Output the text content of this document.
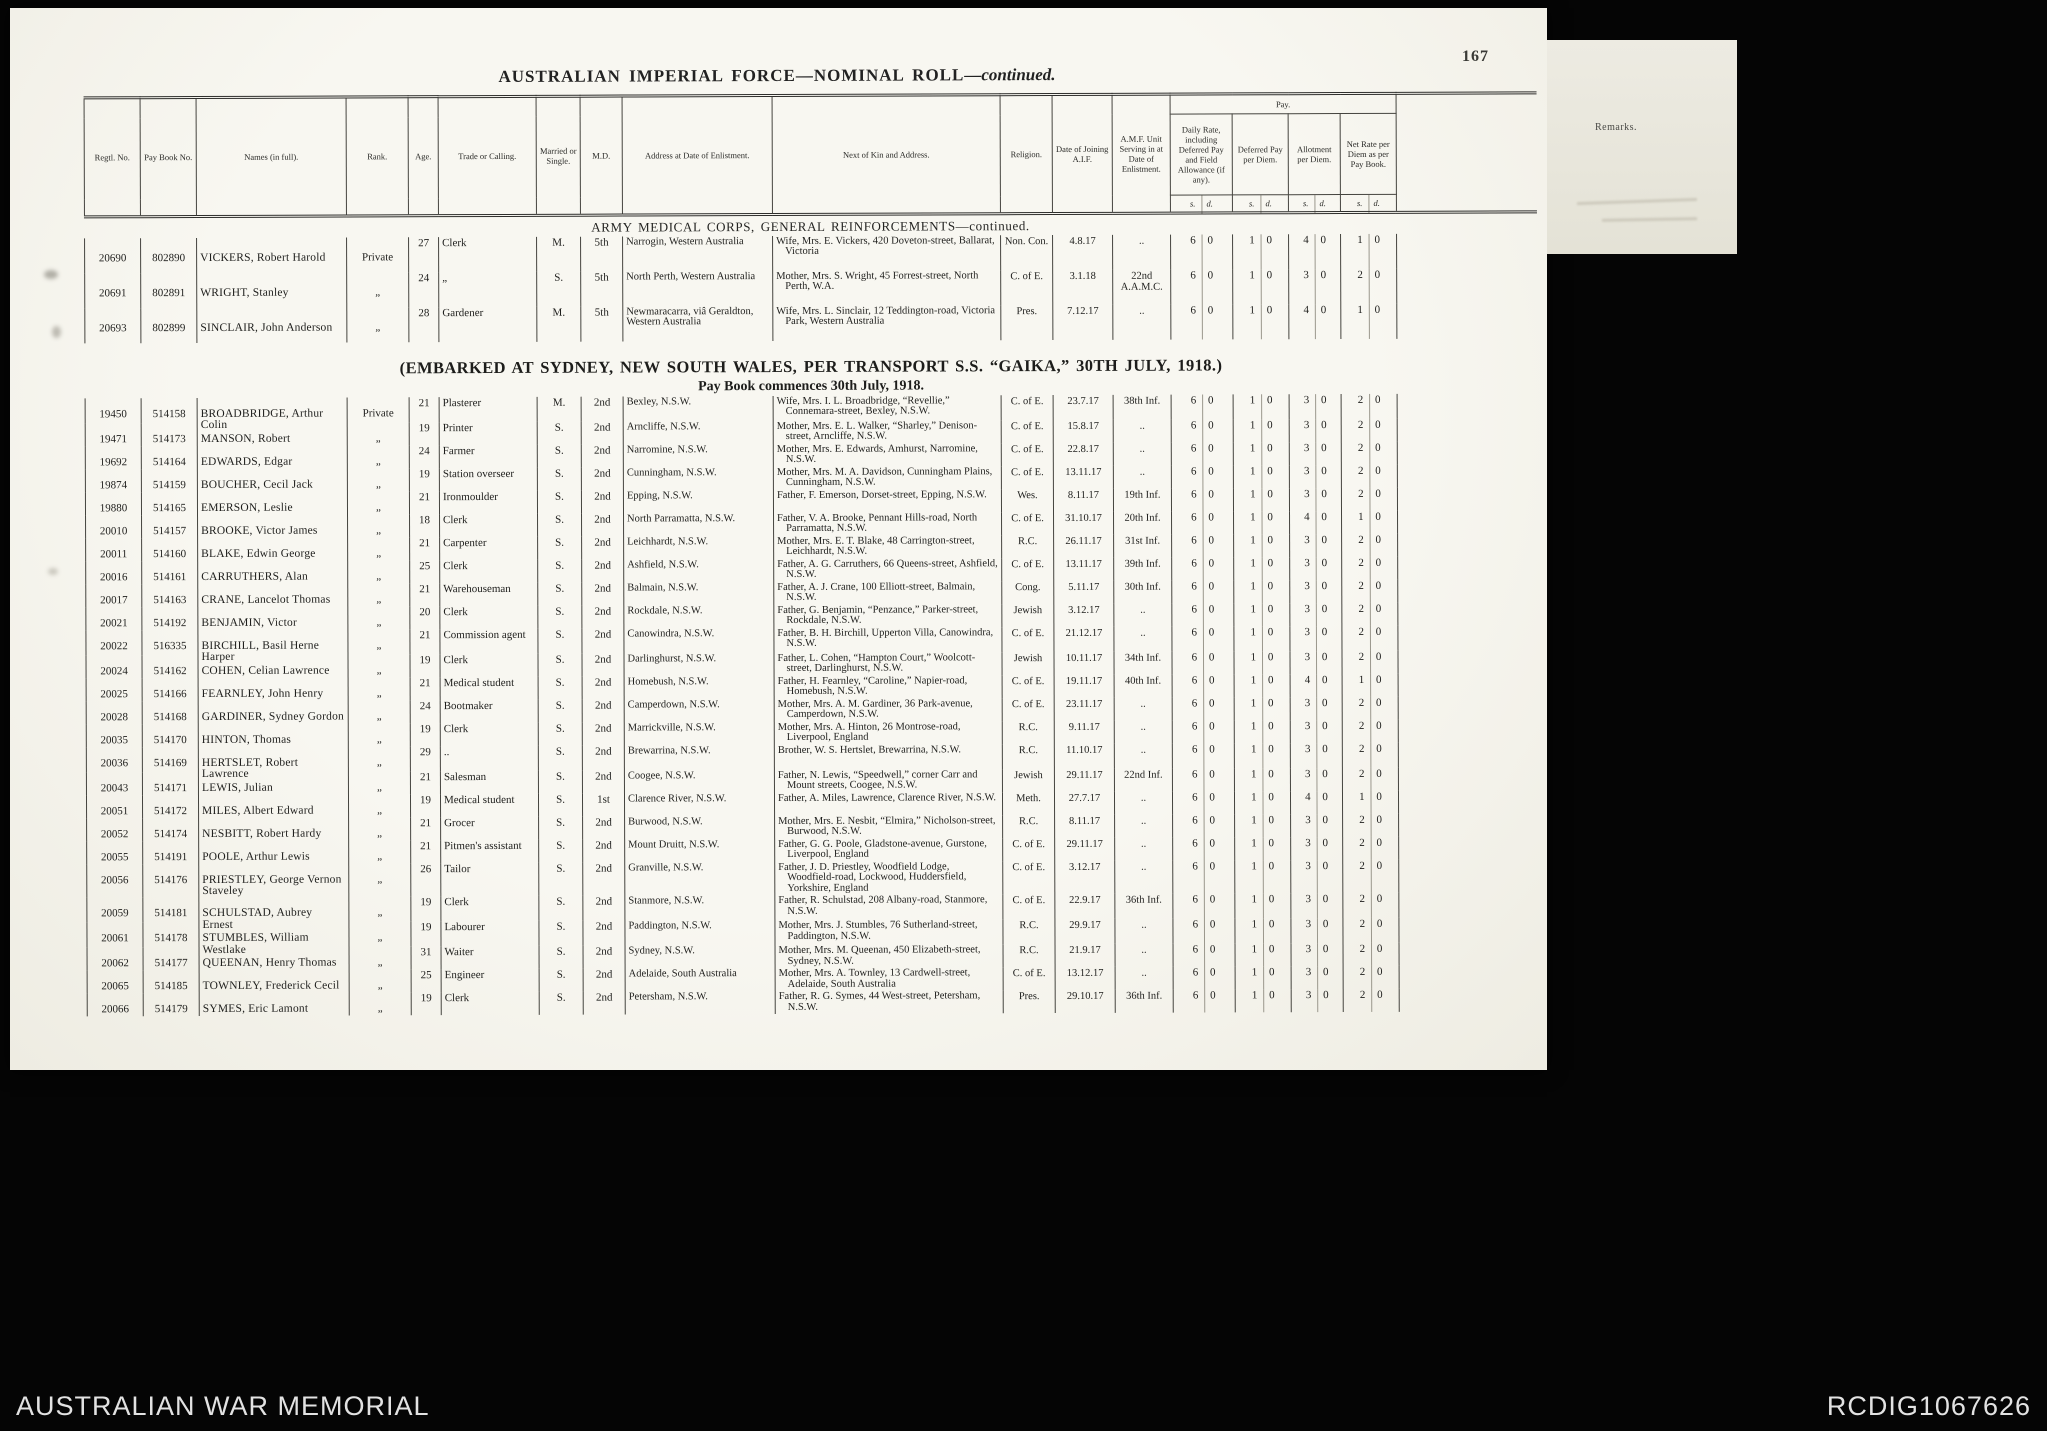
167
AUSTRALIAN IMPERIAL FORCE—NOMINAL ROLL—continued.
Regtl. No.	Pay Book No.	Names (in full).	Rank.	Age.	Trade or Calling.	Married or Single.	M.D.	Address at Date of Enlistment.	Next of Kin and Address.	Religion.	Date of Joining A.I.F.	A.M.F. Unit Serving in at Date of Enlistment.	Pay.				
													Daily Rate, including Deferred Pay and Field Allowance (if any).	Deferred Pay per Diem.	Allotment per Diem.	Net Rate per Diem as per Pay Book.	
													s. d.	s. d.	s. d.	s. d.	

ARMY MEDICAL CORPS, GENERAL REINFORCEMENTS—continued.																	

20690	802890	VICKERS, Robert Harold	Private	27	Clerk	M.	5th	Narrogin, Western Australia	Wife, Mrs. E. Vickers, 420 Doveton-street, Ballarat, Victoria	Non. Con.	4.8.17	..	6 0	1 0	4 0	1 0	
20691	802891	WRIGHT, Stanley	„	24	„	S.	5th	North Perth, Western Australia	Mother, Mrs. S. Wright, 45 Forrest-street, North Perth, W.A.	C. of E.	3.1.18	22nd A.A.M.C.	6 0	1 0	3 0	2 0	
20693	802899	SINCLAIR, John Anderson	„	28	Gardener	M.	5th	Newmaracarra, viâ Geraldton, Western Australia	Wife, Mrs. L. Sinclair, 12 Teddington-road, Victoria Park, Western Australia	Pres.	7.12.17	..	6 0	1 0	4 0	1 0	

(EMBARKED AT SYDNEY, NEW SOUTH WALES, PER TRANSPORT S.S. “GAIKA,” 30TH JULY, 1918.)
Pay Book commences 30th July, 1918.																	

19450	514158	BROADBRIDGE, Arthur Colin	Private	21	Plasterer	M.	2nd	Bexley, N.S.W.	Wife, Mrs. I. L. Broadbridge, “Revellie,” Connemara-street, Bexley, N.S.W.	C. of E.	23.7.17	38th Inf.	6 0	1 0	3 0	2 0	
19471	514173	MANSON, Robert	„	19	Printer	S.	2nd	Arncliffe, N.S.W.	Mother, Mrs. E. L. Walker, “Sharley,” Denison-street, Arncliffe, N.S.W.	C. of E.	15.8.17	..	6 0	1 0	3 0	2 0	
19692	514164	EDWARDS, Edgar	„	24	Farmer	S.	2nd	Narromine, N.S.W.	Mother, Mrs. E. Edwards, Amhurst, Narromine, N.S.W.	C. of E.	22.8.17	..	6 0	1 0	3 0	2 0	
19874	514159	BOUCHER, Cecil Jack	„	19	Station overseer	S.	2nd	Cunningham, N.S.W.	Mother, Mrs. M. A. Davidson, Cunningham Plains, Cunningham, N.S.W.	C. of E.	13.11.17	..	6 0	1 0	3 0	2 0	
19880	514165	EMERSON, Leslie	„	21	Ironmoulder	S.	2nd	Epping, N.S.W.	Father, F. Emerson, Dorset-street, Epping, N.S.W.	Wes.	8.11.17	19th Inf.	6 0	1 0	3 0	2 0	
20010	514157	BROOKE, Victor James	„	18	Clerk	S.	2nd	North Parramatta, N.S.W.	Father, V. A. Brooke, Pennant Hills-road, North Parramatta, N.S.W.	C. of E.	31.10.17	20th Inf.	6 0	1 0	4 0	1 0	
20011	514160	BLAKE, Edwin George	„	21	Carpenter	S.	2nd	Leichhardt, N.S.W.	Mother, Mrs. E. T. Blake, 48 Carrington-street, Leichhardt, N.S.W.	R.C.	26.11.17	31st Inf.	6 0	1 0	3 0	2 0	
20016	514161	CARRUTHERS, Alan	„	25	Clerk	S.	2nd	Ashfield, N.S.W.	Father, A. G. Carruthers, 66 Queens-street, Ashfield, N.S.W.	C. of E.	13.11.17	39th Inf.	6 0	1 0	3 0	2 0	
20017	514163	CRANE, Lancelot Thomas	„	21	Warehouseman	S.	2nd	Balmain, N.S.W.	Father, A. J. Crane, 100 Elliott-street, Balmain, N.S.W.	Cong.	5.11.17	30th Inf.	6 0	1 0	3 0	2 0	
20021	514192	BENJAMIN, Victor	„	20	Clerk	S.	2nd	Rockdale, N.S.W.	Father, G. Benjamin, “Penzance,” Parker-street, Rockdale, N.S.W.	Jewish	3.12.17	..	6 0	1 0	3 0	2 0	
20022	516335	BIRCHILL, Basil Herne Harper	„	21	Commission agent	S.	2nd	Canowindra, N.S.W.	Father, B. H. Birchill, Upperton Villa, Canowindra, N.S.W.	C. of E.	21.12.17	..	6 0	1 0	3 0	2 0	
20024	514162	COHEN, Celian Lawrence	„	19	Clerk	S.	2nd	Darlinghurst, N.S.W.	Father, L. Cohen, “Hampton Court,” Woolcott-street, Darlinghurst, N.S.W.	Jewish	10.11.17	34th Inf.	6 0	1 0	3 0	2 0	
20025	514166	FEARNLEY, John Henry	„	21	Medical student	S.	2nd	Homebush, N.S.W.	Father, H. Fearnley, “Caroline,” Napier-road, Homebush, N.S.W.	C. of E.	19.11.17	40th Inf.	6 0	1 0	4 0	1 0	
20028	514168	GARDINER, Sydney Gordon	„	24	Bootmaker	S.	2nd	Camperdown, N.S.W.	Mother, Mrs. A. M. Gardiner, 36 Park-avenue, Camperdown, N.S.W.	C. of E.	23.11.17	..	6 0	1 0	3 0	2 0	
20035	514170	HINTON, Thomas	„	19	Clerk	S.	2nd	Marrickville, N.S.W.	Mother, Mrs. A. Hinton, 26 Montrose-road, Liverpool, England	R.C.	9.11.17	..	6 0	1 0	3 0	2 0	
20036	514169	HERTSLET, Robert Lawrence	„	29	..	S.	2nd	Brewarrina, N.S.W.	Brother, W. S. Hertslet, Brewarrina, N.S.W.	R.C.	11.10.17	..	6 0	1 0	3 0	2 0	
20043	514171	LEWIS, Julian	„	21	Salesman	S.	2nd	Coogee, N.S.W.	Father, N. Lewis, “Speedwell,” corner Carr and Mount streets, Coogee, N.S.W.	Jewish	29.11.17	22nd Inf.	6 0	1 0	3 0	2 0	
20051	514172	MILES, Albert Edward	„	19	Medical student	S.	1st	Clarence River, N.S.W.	Father, A. Miles, Lawrence, Clarence River, N.S.W.	Meth.	27.7.17	..	6 0	1 0	4 0	1 0	
20052	514174	NESBITT, Robert Hardy	„	21	Grocer	S.	2nd	Burwood, N.S.W.	Mother, Mrs. E. Nesbit, “Elmira,” Nicholson-street, Burwood, N.S.W.	R.C.	8.11.17	..	6 0	1 0	3 0	2 0	
20055	514191	POOLE, Arthur Lewis	„	21	Pitmen's assistant	S.	2nd	Mount Druitt, N.S.W.	Father, G. G. Poole, Gladstone-avenue, Gurstone, Liverpool, England	C. of E.	29.11.17	..	6 0	1 0	3 0	2 0	
20056	514176	PRIESTLEY, George Vernon Staveley	„	26	Tailor	S.	2nd	Granville, N.S.W.	Father, J. D. Priestley, Woodfield Lodge, Woodfield-road, Lockwood, Huddersfield, Yorkshire, England	C. of E.	3.12.17	..	6 0	1 0	3 0	2 0	
20059	514181	SCHULSTAD, Aubrey Ernest	„	19	Clerk	S.	2nd	Stanmore, N.S.W.	Father, R. Schulstad, 208 Albany-road, Stanmore, N.S.W.	C. of E.	22.9.17	36th Inf.	6 0	1 0	3 0	2 0	
20061	514178	STUMBLES, William Westlake	„	19	Labourer	S.	2nd	Paddington, N.S.W.	Mother, Mrs. J. Stumbles, 76 Sutherland-street, Paddington, N.S.W.	R.C.	29.9.17	..	6 0	1 0	3 0	2 0	
20062	514177	QUEENAN, Henry Thomas	„	31	Waiter	S.	2nd	Sydney, N.S.W.	Mother, Mrs. M. Queenan, 450 Elizabeth-street, Sydney, N.S.W.	R.C.	21.9.17	..	6 0	1 0	3 0	2 0	
20065	514185	TOWNLEY, Frederick Cecil	„	25	Engineer	S.	2nd	Adelaide, South Australia	Mother, Mrs. A. Townley, 13 Cardwell-street, Adelaide, South Australia	C. of E.	13.12.17	..	6 0	1 0	3 0	2 0	
20066	514179	SYMES, Eric Lamont	„	19	Clerk	S.	2nd	Petersham, N.S.W.	Father, R. G. Symes, 44 West-street, Petersham, N.S.W.	Pres.	29.10.17	36th Inf.	6 0	1 0	3 0	2 0	
Remarks.
AUSTRALIAN WAR MEMORIAL	RCDIG1067626
